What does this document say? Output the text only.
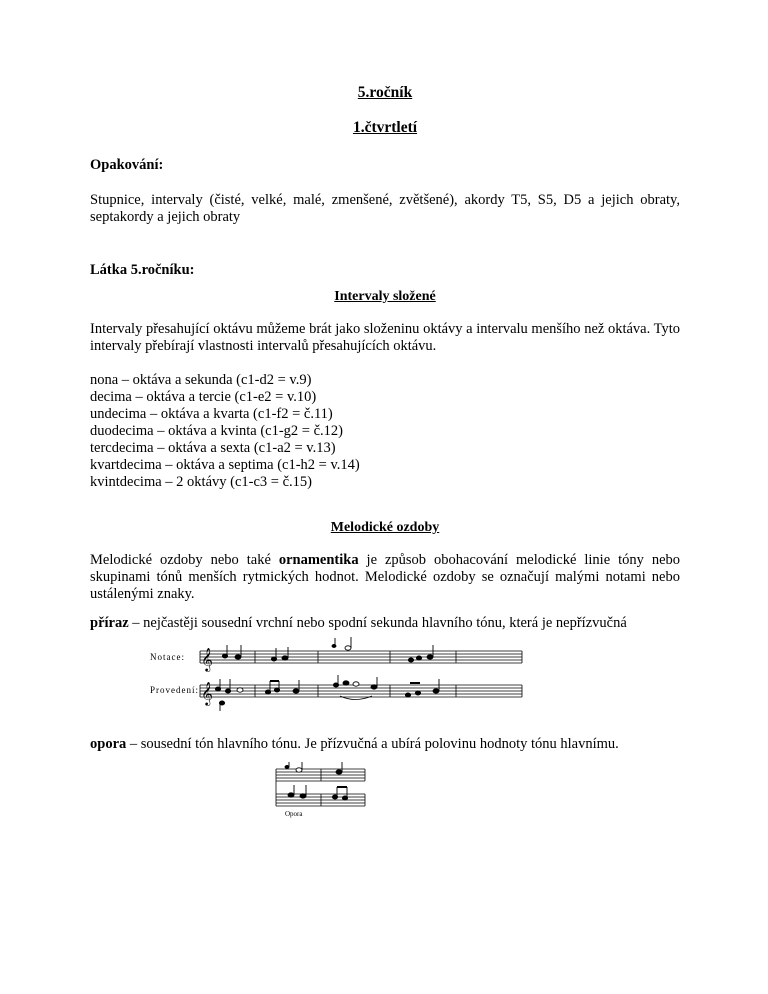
5.ročník
1.čtvrtletí
Opakování:
Stupnice, intervaly (čisté, velké, malé, zmenšené, zvětšené), akordy T5, S5, D5 a jejich obraty, septakordy a jejich obraty
Látka 5.ročníku:
Intervaly složené
Intervaly přesahující oktávu můžeme brát jako složeninu oktávy a intervalu menšího než oktáva. Tyto intervaly přebírají vlastnosti intervalů přesahujících oktávu.
nona – oktáva a sekunda (c1-d2 = v.9)
decima – oktáva a tercie (c1-e2 = v.10)
undecima – oktáva a kvarta (c1-f2 = č.11)
duodecima – oktáva a kvinta (c1-g2 = č.12)
tercdecima – oktáva a sexta (c1-a2 = v.13)
kvartdecima – oktáva a septima (c1-h2 = v.14)
kvintdecima – 2 oktávy (c1-c3 = č.15)
Melodické ozdoby
Melodické ozdoby nebo také ornamentika je způsob obohacování melodické linie tóny nebo skupinami tónů menších rytmických hodnot. Melodické ozdoby se označují malými notami nebo ustálenými znaky.
příraz – nejčastěji sousední vrchní nebo spodní sekunda hlavního tónu, která je nepřízvučná
Notace:
Provedení:
𝄞
𝄞
opora – sousední tón hlavního tónu. Je přízvučná a ubírá polovinu hodnoty tónu hlavnímu.
Opora
